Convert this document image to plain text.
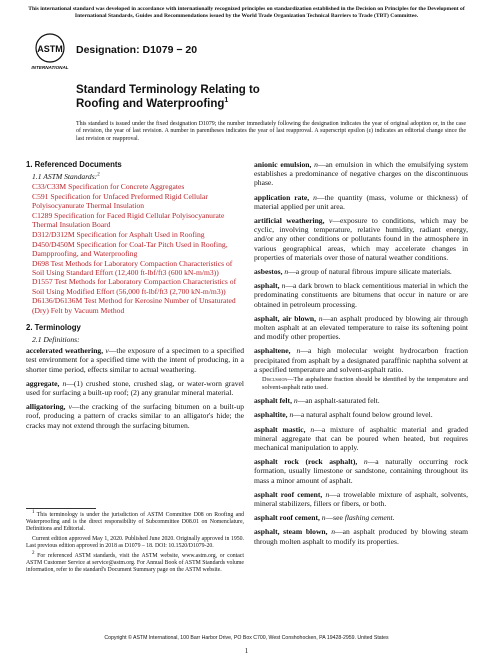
This international standard was developed in accordance with internationally recognized principles on standardization established in the Decision on Principles for the Development of International Standards, Guides and Recommendations issued by the World Trade Organization Technical Barriers to Trade (TBT) Committee.
ASTM
INTERNATIONAL
Designation: D1079 − 20
Standard Terminology Relating to
Roofing and Waterproofing$^1$
This standard is issued under the fixed designation D1079; the number immediately following the designation indicates the year of original adoption or, in the case of revision, the year of last revision. A number in parentheses indicates the year of last reapproval. A superscript epsilon (ε) indicates an editorial change since the last revision or reapproval.
1. Referenced Documents
1.1 ASTM Standards:$^2$
C33/C33M Specification for Concrete Aggregates
C591 Specification for Unfaced Preformed Rigid Cellular Polyisocyanurate Thermal Insulation
C1289 Specification for Faced Rigid Cellular Polyisocyanurate Thermal Insulation Board
D312/D312M Specification for Asphalt Used in Roofing
D450/D450M Specification for Coal-Tar Pitch Used in Roofing, Dampproofing, and Waterproofing
D698 Test Methods for Laboratory Compaction Characteristics of Soil Using Standard Effort (12,400 ft-lbf/ft3 (600 kN-m/m3))
D1557 Test Methods for Laboratory Compaction Characteristics of Soil Using Modified Effort (56,000 ft-lbf/ft3 (2,700 kN-m/m3))
D6136/D6136M Test Method for Kerosine Number of Unsaturated (Dry) Felt by Vacuum Method
2. Terminology
2.1 Definitions:
accelerated weathering, v—the exposure of a specimen to a specified test environment for a specified time with the intent of producing, in a shorter time period, effects similar to actual weathering.
aggregate, n—(1) crushed stone, crushed slag, or water-worn gravel used for surfacing a built-up roof; (2) any granular mineral material.
alligatoring, v—the cracking of the surfacing bitumen on a built-up roof, producing a pattern of cracks similar to an alligator's hide; the cracks may not extend through the surfacing bitumen.
anionic emulsion, n—an emulsion in which the emulsifying system establishes a predominance of negative charges on the discontinuous phase.
application rate, n—the quantity (mass, volume or thickness) of material applied per unit area.
artificial weathering, v—exposure to conditions, which may be cyclic, involving temperature, relative humidity, radiant energy, and/or any other conditions or pollutants found in the atmosphere in various geographical areas, which may accelerate changes in properties of materials over those of natural weather conditions.
asbestos, n—a group of natural fibrous impure silicate materials.
asphalt, n—a dark brown to black cementitious material in which the predominating constituents are bitumens that occur in nature or are obtained in petroleum processing.
asphalt, air blown, n—an asphalt produced by blowing air through molten asphalt at an elevated temperature to raise its softening point and modify other properties.
asphaltene, n—a high molecular weight hydrocarbon fraction precipitated from asphalt by a designated paraffinic naphtha solvent at a specified temperature and solvent-asphalt ratio.
Discussion—The asphaltene fraction should be identified by the temperature and solvent-asphalt ratio used.
asphalt felt, n—an asphalt-saturated felt.
asphaltite, n—a natural asphalt found below ground level.
asphalt mastic, n—a mixture of asphaltic material and graded mineral aggregate that can be poured when heated, but requires mechanical manipulation to apply.
asphalt rock (rock asphalt), n—a naturally occurring rock formation, usually limestone or sandstone, containing throughout its mass a minor amount of asphalt.
asphalt roof cement, n—a trowelable mixture of asphalt, solvents, mineral stabilizers, fillers or fibers, or both.
asphalt roof cement, n—see flashing cement.
asphalt, steam blown, n—an asphalt produced by blowing steam through molten asphalt to modify its properties.
$^1$ This terminology is under the jurisdiction of ASTM Committee D08 on Roofing and Waterproofing and is the direct responsibility of Subcommittee D08.01 on Nomenclature, Definitions and Editorial.
Current edition approved May 1, 2020. Published June 2020. Originally approved in 1950. Last previous edition approved in 2018 as D1079 – 18. DOI: 10.1520/D1079-20.
$^2$ For referenced ASTM standards, visit the ASTM website, www.astm.org, or contact ASTM Customer Service at service@astm.org. For Annual Book of ASTM Standards volume information, refer to the standard's Document Summary page on the ASTM website.
Copyright © ASTM International, 100 Barr Harbor Drive, PO Box C700, West Conshohocken, PA 19428-2959. United States
1
